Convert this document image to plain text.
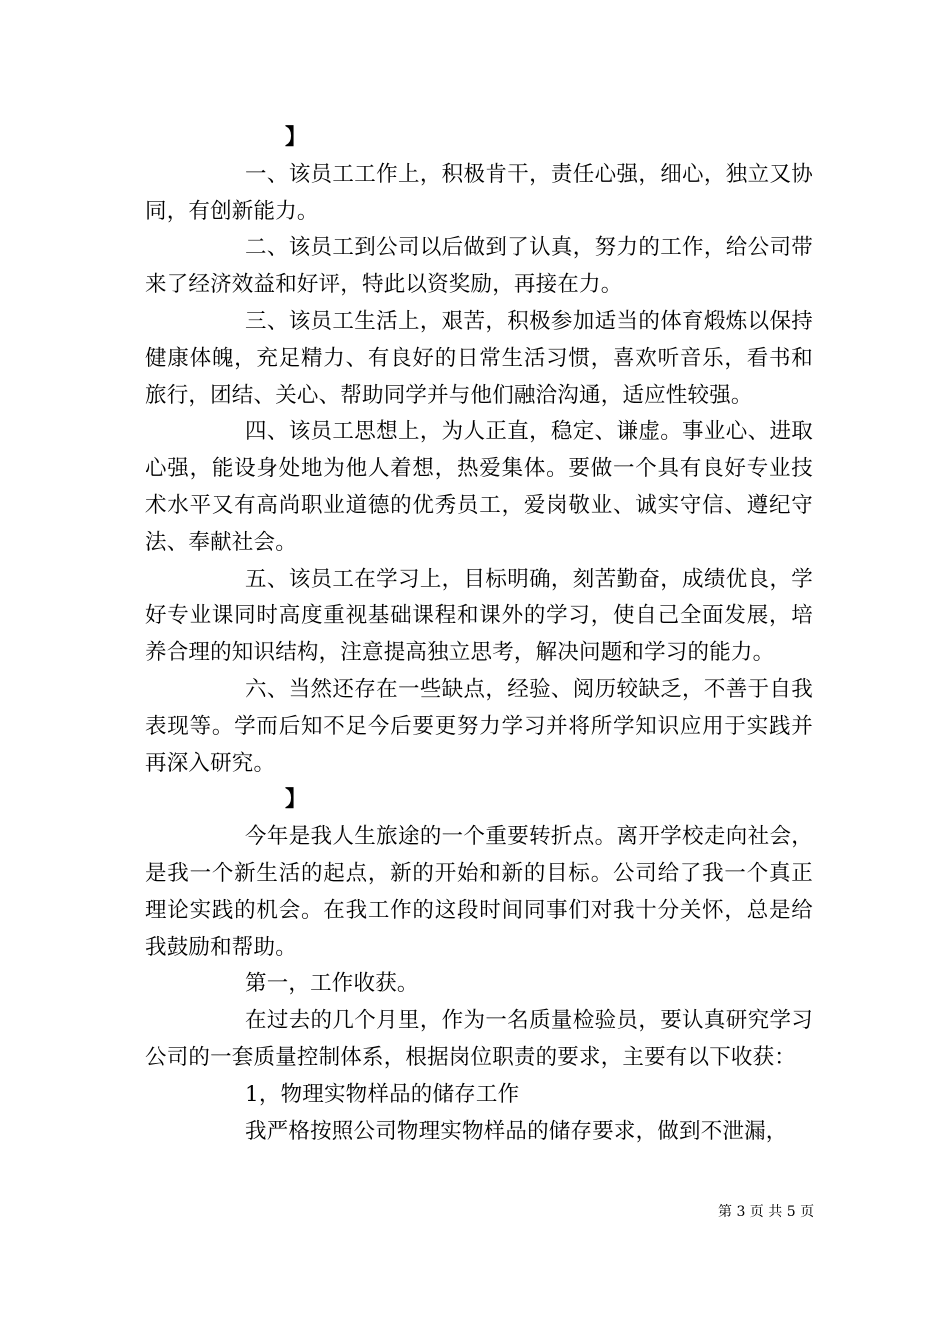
】

一、该员工工作上，积极肯干，责任心强，细心，独立又协同，有创新能力。

二、该员工到公司以后做到了认真，努力的工作，给公司带来了经济效益和好评，特此以资奖励，再接在力。

三、该员工生活上，艰苦，积极参加适当的体育煅炼以保持健康体魄，充足精力、有良好的日常生活习惯，喜欢听音乐，看书和旅行，团结、关心、帮助同学并与他们融洽沟通，适应性较强。

四、该员工思想上，为人正直，稳定、谦虚。事业心、进取心强，能设身处地为他人着想，热爱集体。要做一个具有良好专业技术水平又有高尚职业道德的优秀员工，爱岗敬业、诚实守信、遵纪守法、奉献社会。

五、该员工在学习上，目标明确，刻苦勤奋，成绩优良，学好专业课同时高度重视基础课程和课外的学习，使自己全面发展，培养合理的知识结构，注意提高独立思考，解决问题和学习的能力。

六、当然还存在一些缺点，经验、阅历较缺乏，不善于自我表现等。学而后知不足今后要更努力学习并将所学知识应用于实践并再深入研究。

】

今年是我人生旅途的一个重要转折点。离开学校走向社会，是我一个新生活的起点，新的开始和新的目标。公司给了我一个真正理论实践的机会。在我工作的这段时间同事们对我十分关怀，总是给我鼓励和帮助。

第一，工作收获。

在过去的几个月里，作为一名质量检验员，要认真研究学习公司的一套质量控制体系，根据岗位职责的要求，主要有以下收获：

1，物理实物样品的储存工作

我严格按照公司物理实物样品的储存要求，做到不泄漏，

第 3 页 共 5 页
